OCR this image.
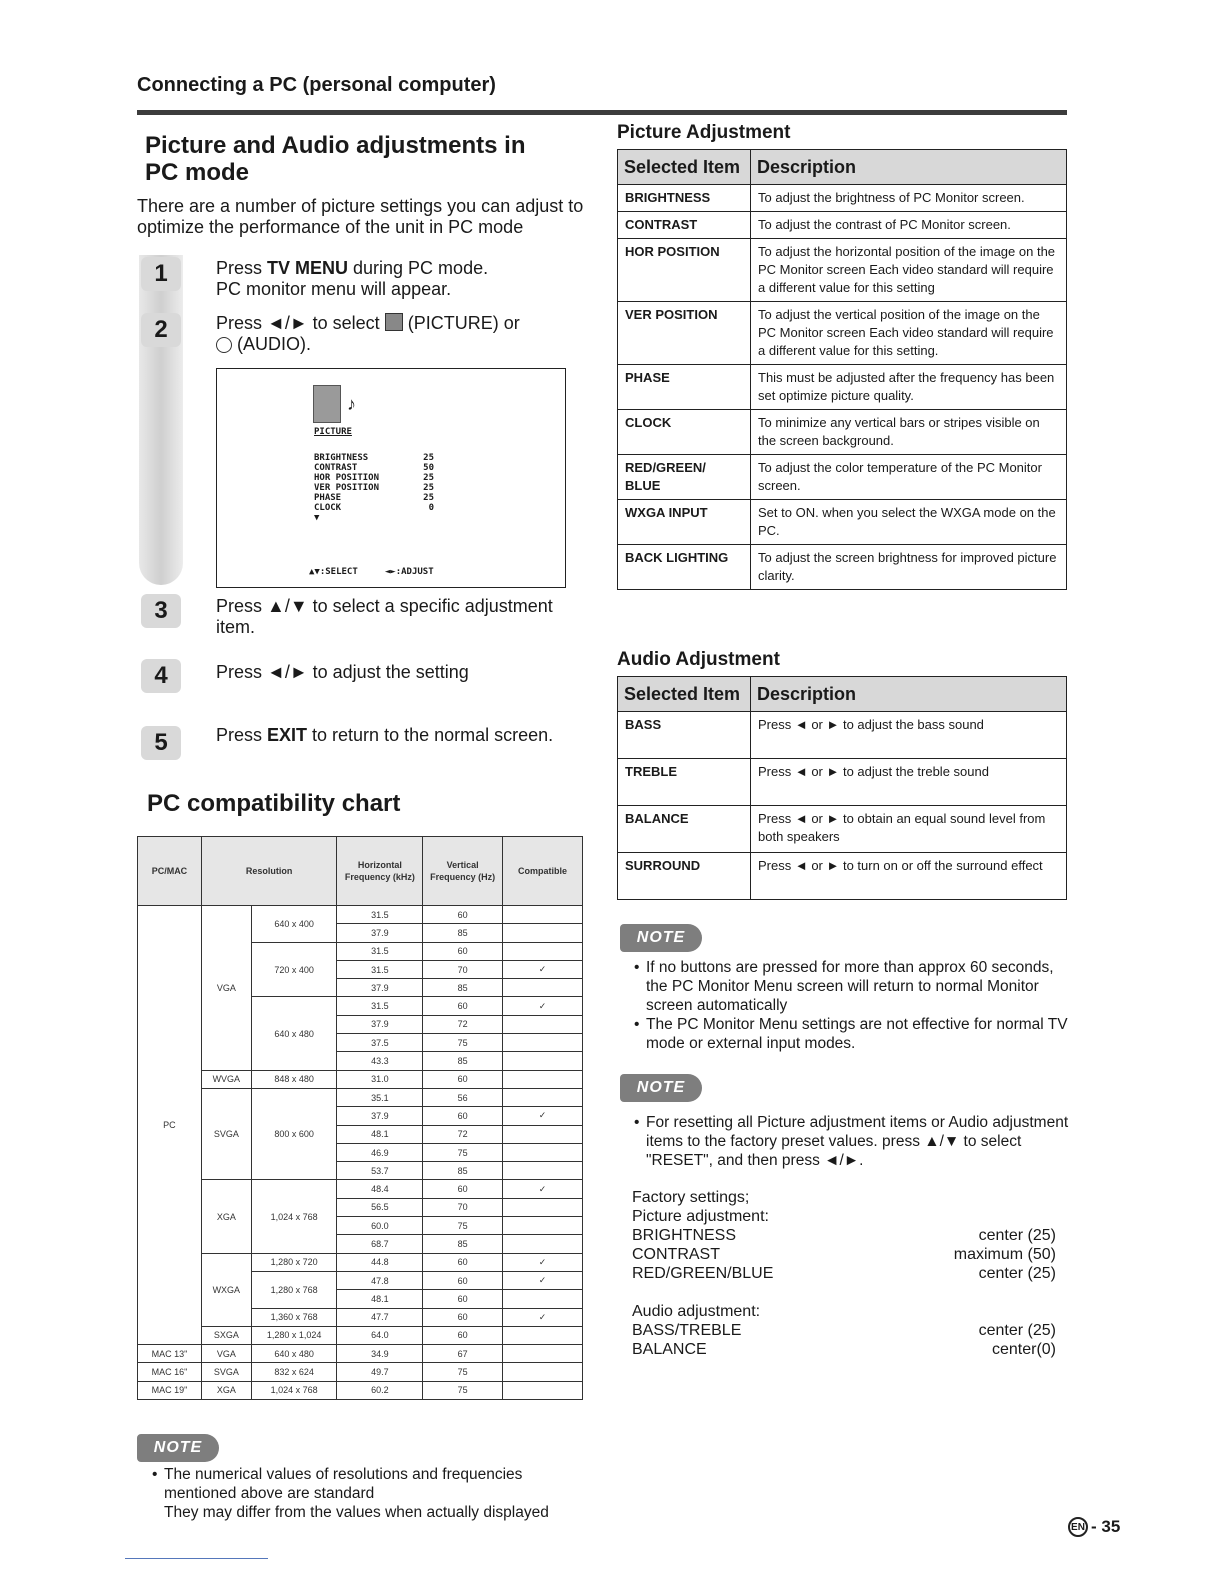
Connecting a PC (personal computer)
Picture and Audio adjustments in PC mode
There are a number of picture settings you can adjust to optimize the performance of the unit in PC mode
1
2
3
4
5
Press TV MENU during PC mode.
PC monitor menu will appear.
Press ◄/► to select  (PICTURE) or
(AUDIO).
♪
PICTURE
BRIGHTNESS	25
CONTRAST	50
HOR POSITION	25
VER POSITION	25
PHASE	25
CLOCK	0
▼
▲▼:SELECT	◄►:ADJUST
Press ▲/▼ to select a specific adjustment item.
Press ◄/► to adjust the setting
Press EXIT to return to the normal screen.
PC compatibility chart
PC/MAC	Resolution		Horizontal Frequency (kHz)	Vertical Frequency (Hz)	Compatible
PC	VGA	640 x 400	31.5	60	
			37.9	85	
		720 x 400	31.5	60	
			31.5	70	✓
			37.9	85	
		640 x 480	31.5	60	✓
			37.9	72	
			37.5	75	
			43.3	85	
	WVGA	848 x 480	31.0	60	
	SVGA	800 x 600	35.1	56	
			37.9	60	✓
			48.1	72	
			46.9	75	
			53.7	85	
	XGA	1,024 x 768	48.4	60	✓
			56.5	70	
			60.0	75	
			68.7	85	
	WXGA	1,280 x 720	44.8	60	✓
		1,280 x 768	47.8	60	✓
			48.1	60	
		1,360 x 768	47.7	60	✓
	SXGA	1,280 x 1,024	64.0	60	
MAC 13"	VGA	640 x 480	34.9	67	
MAC 16"	SVGA	832 x 624	49.7	75	
MAC 19"	XGA	1,024 x 768	60.2	75	
NOTE
• The numerical values of resolutions and frequencies mentioned above are standard
They may differ from the values when actually displayed
Picture Adjustment
Selected Item	Description
BRIGHTNESS	To adjust the brightness of PC Monitor screen.
CONTRAST	To adjust the contrast of PC Monitor screen.
HOR POSITION	To adjust the horizontal position of the image on the PC Monitor screen Each video standard will require a different value for this setting
VER POSITION	To adjust the vertical position of the image on the PC Monitor screen Each video standard will require a different value for this setting.
PHASE	This must be adjusted after the frequency has been set optimize picture quality.
CLOCK	To minimize any vertical bars or stripes visible on the screen background.
RED/GREEN/ BLUE	To adjust the color temperature of the PC Monitor screen.
WXGA INPUT	Set to ON. when you select the WXGA mode on the PC.
BACK LIGHTING	To adjust the screen brightness for improved picture clarity.
Audio Adjustment
Selected Item	Description
BASS	Press ◄ or ► to adjust the bass sound
TREBLE	Press ◄ or ► to adjust the treble sound
BALANCE	Press ◄ or ► to obtain an equal sound level from both speakers
SURROUND	Press ◄ or ► to turn on or off the surround effect
NOTE
• If no buttons are pressed for more than approx 60 seconds, the PC Monitor Menu screen will return to normal Monitor screen automatically
• The PC Monitor Menu settings are not effective for normal TV mode or external input modes.
NOTE
• For resetting all Picture adjustment items or Audio adjustment items to the factory preset values. press ▲/▼ to select "RESET", and then press ◄/►.
Factory settings;
Picture adjustment:
BRIGHTNESS	center (25)
CONTRAST	maximum (50)
RED/GREEN/BLUE	center (25)
Audio adjustment:
BASS/TREBLE	center (25)
BALANCE	center(0)
EN - 35
